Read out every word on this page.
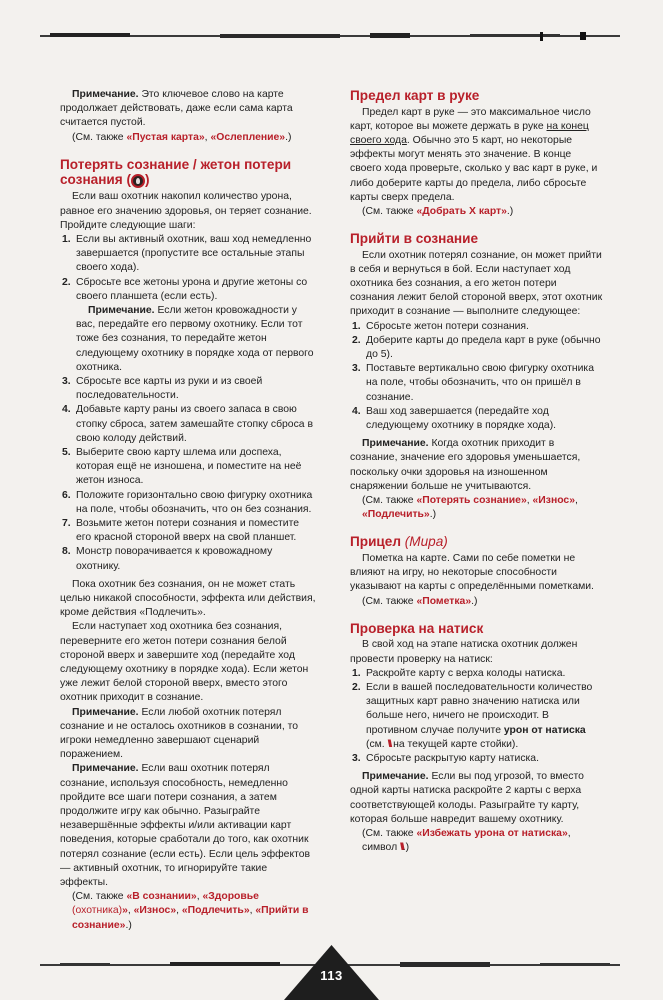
Примечание. Это ключевое слово на карте продолжает действовать, даже если сама карта считается пустой.

(См. также «Пустая карта», «Ослепление».)

Потерять сознание / жетон потери сознания ( )

Если ваш охотник накопил количество урона, равное его значению здоровья, он теряет сознание. Пройдите следующие шаги:

1. Если вы активный охотник, ваш ход немедленно завершается (пропустите все остальные этапы своего хода).
2. Сбросьте все жетоны урона и другие жетоны со своего планшета (если есть).
Примечание. Если жетон кровожадности у вас, передайте его первому охотнику. Если тот тоже без сознания, то передайте жетон следующему охотнику в порядке хода от первого охотника.
3. Сбросьте все карты из руки и из своей последовательности.
4. Добавьте карту раны из своего запаса в свою стопку сброса, затем замешайте стопку сброса в свою колоду действий.
5. Выберите свою карту шлема или доспеха, которая ещё не изношена, и поместите на неё жетон износа.
6. Положите горизонтально свою фигурку охотника на поле, чтобы обозначить, что он без сознания.
7. Возьмите жетон потери сознания и поместите его красной стороной вверх на свой планшет.
8. Монстр поворачивается к кровожадному охотнику.

Пока охотник без сознания, он не может стать целью никакой способности, эффекта или действия, кроме действия «Подлечить».

Если наступает ход охотника без сознания, переверните его жетон потери сознания белой стороной вверх и завершите ход (передайте ход следующему охотнику в порядке хода). Если жетон уже лежит белой стороной вверх, вместо этого охотник приходит в сознание.

Примечание. Если любой охотник потерял сознание и не осталось охотников в сознании, то игроки немедленно завершают сценарий поражением.

Примечание. Если ваш охотник потерял сознание, используя способность, немедленно пройдите все шаги потери сознания, а затем продолжите игру как обычно. Разыграйте незавершённые эффекты и/или активации карт поведения, которые сработали до того, как охотник потерял сознание (если есть). Если цель эффектов — активный охотник, то игнорируйте такие эффекты.

(См. также «В сознании», «Здоровье (охотника)», «Износ», «Подлечить», «Прийти в сознание».)

Предел карт в руке

Предел карт в руке — это максимальное число карт, которое вы можете держать в руке на конец своего хода. Обычно это 5 карт, но некоторые эффекты могут менять это значение. В конце своего хода проверьте, сколько у вас карт в руке, и либо доберите карты до предела, либо сбросьте карты сверх предела.

(См. также «Добрать X карт».)

Прийти в сознание

Если охотник потерял сознание, он может прийти в себя и вернуться в бой. Если наступает ход охотника без сознания, а его жетон потери сознания лежит белой стороной вверх, этот охотник приходит в сознание — выполните следующее:

1. Сбросьте жетон потери сознания.
2. Доберите карты до предела карт в руке (обычно до 5).
3. Поставьте вертикально свою фигурку охотника на поле, чтобы обозначить, что он пришёл в сознание.
4. Ваш ход завершается (передайте ход следующему охотнику в порядке хода).

Примечание. Когда охотник приходит в сознание, значение его здоровья уменьшается, поскольку очки здоровья на изношенном снаряжении больше не учитываются.

(См. также «Потерять сознание», «Износ», «Подлечить».)

Прицел (Мира)

Пометка на карте. Сами по себе пометки не влияют на игру, но некоторые способности указывают на карты с определёнными пометками.

(См. также «Пометка».)

Проверка на натиск

В свой ход на этапе натиска охотник должен провести проверку на натиск:

1. Раскройте карту с верха колоды натиска.
2. Если в вашей последовательности количество защитных карт равно значению натиска или больше него, ничего не происходит. В противном случае получите урон от натиска (см. \\\ на текущей карте стойки).
3. Сбросьте раскрытую карту натиска.

Примечание. Если вы под угрозой, то вместо одной карты натиска раскройте 2 карты с верха соответствующей колоды. Разыграйте ту карту, которая больше навредит вашему охотнику.

(См. также «Избежать урона от натиска», символ \\\.)

113
